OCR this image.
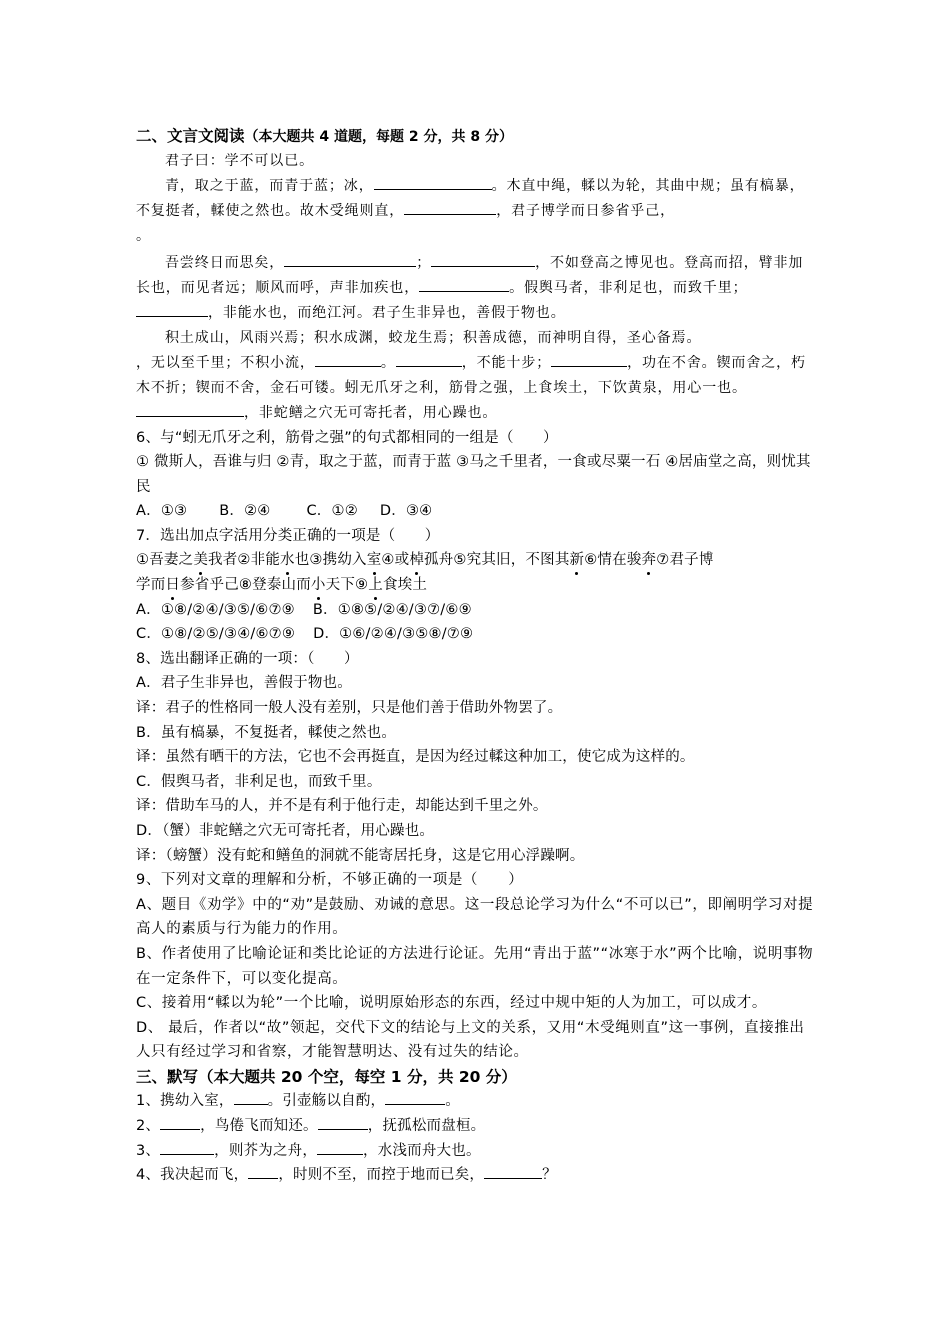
二、文言文阅读（本大题共 4 道题，每题 2 分，共 8 分）

君子曰：学不可以已。

青，取之于蓝，而青于蓝；冰，	。木直中绳，輮以为轮，其曲中规；虽有槁暴，不复挺者，輮使之然也。故木受绳则直，	，君子博学而日参省乎己，
。

吾尝终日而思矣，	；	，不如登高之博见也。登高而招，臂非加长也，而见者远；顺风而呼，声非加疾也，	。假舆马者，非利足也，而致千里；，非能水也，而绝江河。君子生非异也，善假于物也。

积土成山，风雨兴焉；积水成渊，蛟龙生焉；积善成德，而神明自得，圣心备焉。
，无以至千里；不积小流，	。	，不能十步；	，功在不舍。锲而舍之，朽木不折；锲而不舍，金石可镂。蚓无爪牙之利，筋骨之强，上食埃土，下饮黄泉，用心一也。，非蛇鳝之穴无可寄托者，用心躁也。

6、与“蚓无爪牙之利，筋骨之强”的句式都相同的一组是（　　）
① 微斯人，吾谁与归 ②青，取之于蓝，而青于蓝 ③马之千里者，一食或尽粟一石 ④居庙堂之高，则忧其民
A．①③ B．②④ C．①② D．③④
7．选出加点字活用分类正确的一项是（　　）
①吾妻之美我者②非能水也③携幼入室④或棹孤舟⑤究其旧，不图其新⑥情在骏奔⑦君子博
学而日参省乎己⑧登泰山而小天下⑨上食埃土
A．①⑧/②④/③⑤/⑥⑦⑨ B．①⑧⑤/②④/③⑦/⑥⑨
C．①⑧/②⑤/③④/⑥⑦⑨ D．①⑥/②④/③⑤⑧/⑦⑨
8、选出翻译正确的一项：（　　）
A．君子生非异也，善假于物也。
译：君子的性格同一般人没有差别，只是他们善于借助外物罢了。
B．虽有槁暴，不复挺者，輮使之然也。
译：虽然有晒干的方法，它也不会再挺直，是因为经过輮这种加工，使它成为这样的。
C．假舆马者，非利足也，而致千里。
译：借助车马的人，并不是有利于他行走，却能达到千里之外。
D．（蟹）非蛇鳝之穴无可寄托者，用心躁也。
译：（螃蟹）没有蛇和鳝鱼的洞就不能寄居托身，这是它用心浮躁啊。
9、下列对文章的理解和分析，不够正确的一项是（　　）
A、题目《劝学》中的“劝”是鼓励、劝诫的意思。这一段总论学习为什么“不可以已”，即阐明学习对提高人的素质与行为能力的作用。
B、作者使用了比喻论证和类比论证的方法进行论证。先用“青出于蓝”“冰寒于水”两个比喻，说明事物在一定条件下，可以变化提高。
C、接着用“輮以为轮”一个比喻，说明原始形态的东西，经过中规中矩的人为加工，可以成才。
D、 最后，作者以“故”领起，交代下文的结论与上文的关系，又用“木受绳则直”这一事例，直接推出人只有经过学习和省察，才能智慧明达、没有过失的结论。
三、默写（本大题共 20 个空，每空 1 分，共 20 分）
1、携幼入室， 。引壶觞以自酌，	。
2、	，鸟倦飞而知还。	，抚孤松而盘桓。
3、	，则芥为之舟，	，水浅而舟大也。
4、我决起而飞， ，时则不至，而控于地而已矣，	？
